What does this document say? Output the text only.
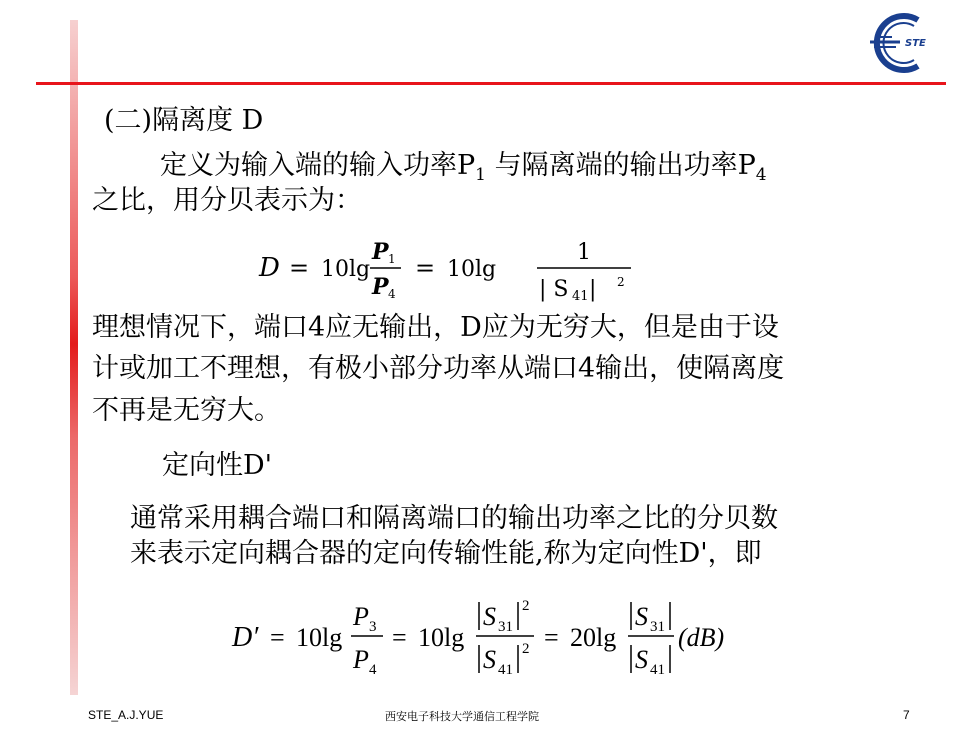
STE
(二)隔离度 D
定义为输入端的输入功率$P_1$ 与隔离端的输出功率$P_4$
之比，用分贝表示为：
D = 10lg
P 1
P 4
= 10lg
1
| S 41 | 2
理想情况下，端口4应无输出，D应为无穷大，但是由于设
计或加工不理想，有极小部分功率从端口4输出，使隔离度
不再是无穷大。
定向性D'
通常采用耦合端口和隔离端口的输出功率之比的分贝数
来表示定向耦合器的定向传输性能,称为定向性D'，即
D′ = 10lg
P 3
P 4
= 10lg
S 31
2
S 41
2 = 20lg
S 31
S 41
(dB)
STE_A.J.YUE	西安电子科技大学通信工程学院	7
